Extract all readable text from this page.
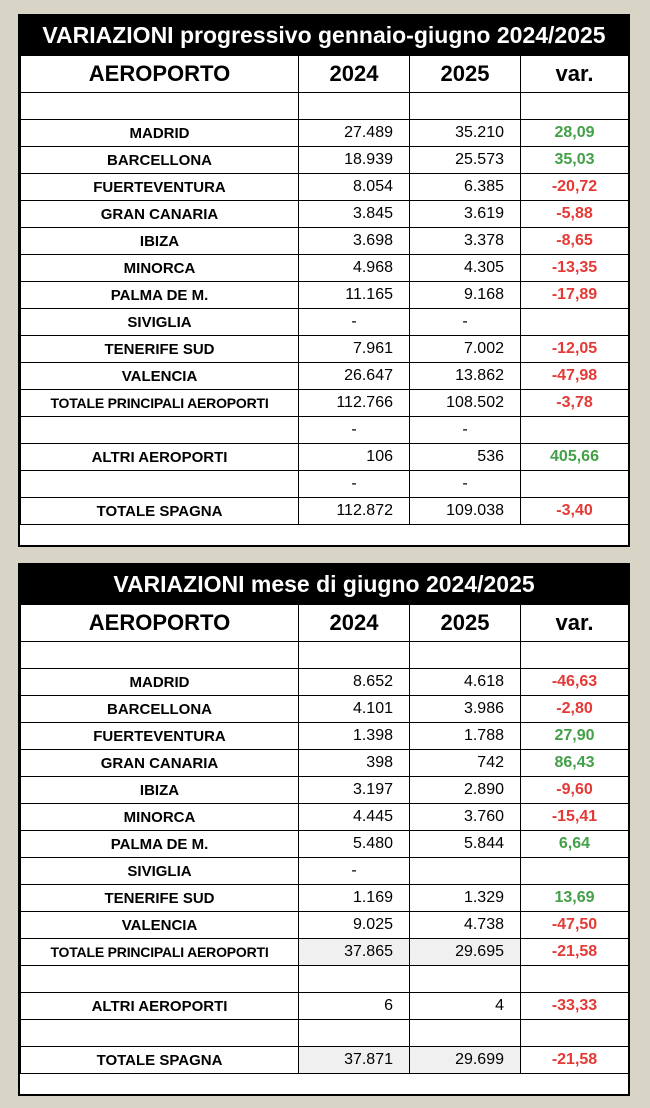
VARIAZIONI progressivo gennaio-giugno 2024/2025
AEROPORTO	2024	2025	var.

MADRID	27.489	35.210	28,09
BARCELLONA	18.939	25.573	35,03
FUERTEVENTURA	8.054	6.385	-20,72
GRAN CANARIA	3.845	3.619	-5,88
IBIZA	3.698	3.378	-8,65
MINORCA	4.968	4.305	-13,35
PALMA DE M.	11.165	9.168	-17,89
SIVIGLIA	-	-	
TENERIFE SUD	7.961	7.002	-12,05
VALENCIA	26.647	13.862	-47,98
TOTALE PRINCIPALI AEROPORTI	112.766	108.502	-3,78
	-	-	
ALTRI AEROPORTI	106	536	405,66
	-	-	
TOTALE SPAGNA	112.872	109.038	-3,40
VARIAZIONI mese di giugno 2024/2025
AEROPORTO	2024	2025	var.

MADRID	8.652	4.618	-46,63
BARCELLONA	4.101	3.986	-2,80
FUERTEVENTURA	1.398	1.788	27,90
GRAN CANARIA	398	742	86,43
IBIZA	3.197	2.890	-9,60
MINORCA	4.445	3.760	-15,41
PALMA DE M.	5.480	5.844	6,64
SIVIGLIA	-		
TENERIFE SUD	1.169	1.329	13,69
VALENCIA	9.025	4.738	-47,50
TOTALE PRINCIPALI AEROPORTI	37.865	29.695	-21,58

ALTRI AEROPORTI	6	4	-33,33

TOTALE SPAGNA	37.871	29.699	-21,58
